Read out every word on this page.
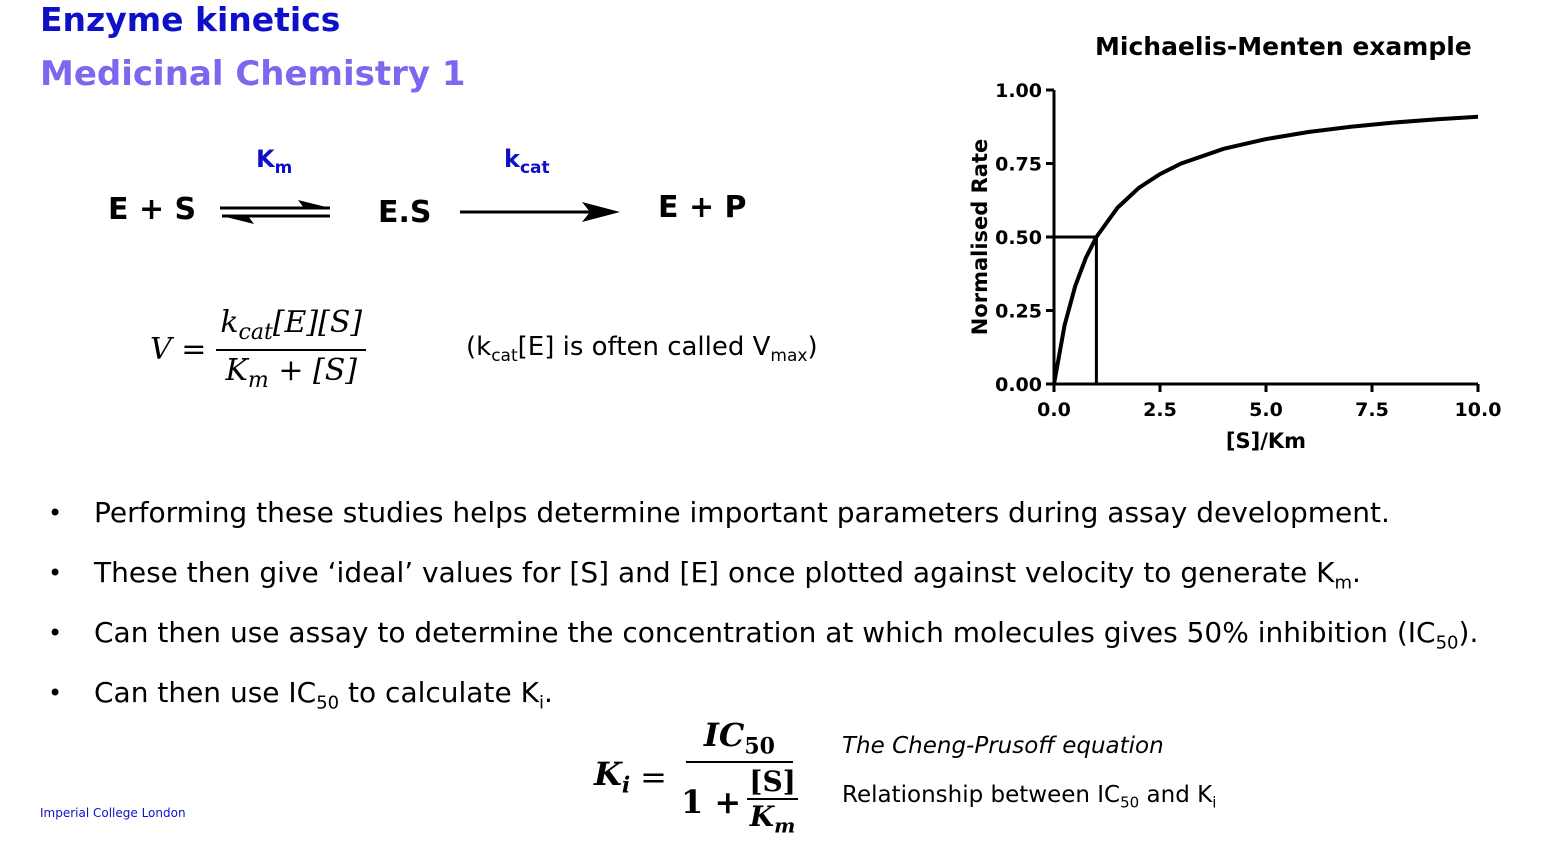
Enzyme kinetics
Medicinal Chemistry 1
E + S
$K_m$
E.S
$k_{cat}$
E + P
$V = \frac{k_{cat}[E][S]}{K_m + [S]}$	($k_{cat}[E]$ is often called $V_{max}$)
Michaelis-Menten example
0.0	2.5	5.0	7.5	10.0
0.00
0.25
0.50
0.75
1.00
[S]/Km
Normalised Rate
• Performing these studies helps determine important parameters during assay development.
• These then give ‘ideal’ values for [S] and [E] once plotted against velocity to generate $K_m$.
• Can then use assay to determine the concentration at which molecules gives 50% inhibition $(IC_{50})$.
• Can then use $IC_{50}$ to calculate $K_i$.
$K_i = \frac{IC_{50}}{1 + \frac{[S]}{K_m}}$ The Cheng-Prusoff equation
Relationship between $IC_{50}$ and $K_i$
Imperial College London
